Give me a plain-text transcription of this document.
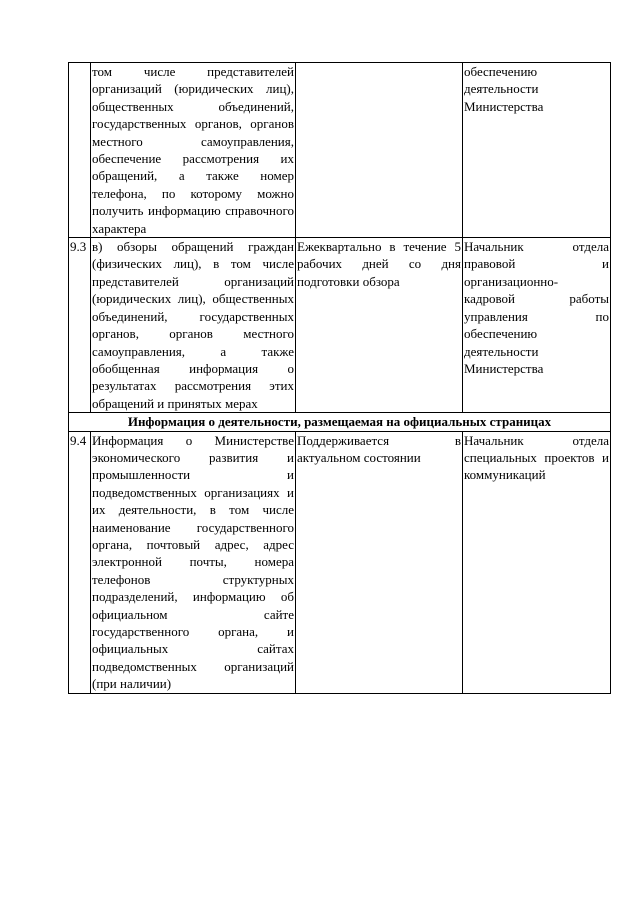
	том числе представителей организаций (юридических лиц), общественных объединений, государственных органов, органов местного самоуправления, обеспечение рассмотрения их обращений, а также номер телефона, по которому можно получить информацию справочного характера		обеспечению деятельности Министерства
9.3	в) обзоры обращений граждан (физических лиц), в том числе представителей организаций (юридических лиц), общественных объединений, государственных органов, органов местного самоуправления, а также обобщенная информация о результатах рассмотрения этих обращений и принятых мерах	Ежеквартально в течение 5 рабочих дней со дня подготовки обзора	Начальник отдела правовой и организационно-кадровой работы управления по обеспечению деятельности Министерства
Информация о деятельности, размещаемая на официальных страницах			
9.4	Информация о Министерстве экономического развития и промышленности и подведомственных организациях и их деятельности, в том числе наименование государственного органа, почтовый адрес, адрес электронной почты, номера телефонов структурных подразделений, информацию об официальном сайте государственного органа, и официальных сайтах подведомственных организаций (при наличии)	Поддерживается в актуальном состоянии	Начальник отдела специальных проектов и коммуникаций
